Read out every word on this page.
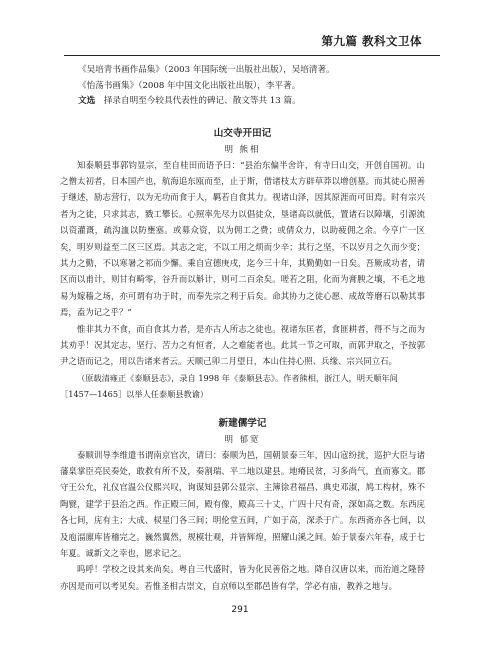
第九篇 教科文卫体

《吴培青书画作品集》（2003 年国际统一出版社出版），吴培清著。

《怡荡书画集》（2008 年中国文化出版社出版），李平著。

文选　 择录自明至今较具代表性的碑记、散文等共 13 篇。

山交寺开田记

明 熊相

知泰顺县事郭钧显宗，至自桂田而语予曰：“县治东偏半舍许，有寺曰山交，开创自国初。山之僧太初者，日本国产也，航海追东瓯而至，止于斯，借诸枝太方辟草莽以增创墓。而其徒心照善于继述，励志营行，以为无功而食于人，羁若自食其力。视诸山泽，因其原涯而可田焉。时有宗兴者为之徒，只求其志，戮工攀长。心照率先尽力以倡徒众，垦诸高以就低，置诸石以障壤，引源流以资灌溉，疏沟洫以防壅塞。或募众资，以为佣工之费；或倩众力，以助疲佣之余。今亨广一区矣，明岁则益至二区三区焉。其志之定，不以工用之烦而少辛；其行之坚，不以岁月之久而少变；其力之勤，不以寒暑之祁而少懈。乘自宣德庚戌，迄今三十年，其勤勤如一日矣。吾厥成功者，请区而以甫计，则甘有畸零，谷升而以斛计，则可二百余矣。嗟若之阻，化而为膏腴之壤，不毛之地易为嫁穑之场，亦可谓有功于时，而奉先宗之利于后矣。命其协力之徒心愿、成故等磨石以勒其事焉，盍为记之乎？”

惟非其力不食，而自食其力者，是亦古人所志之徒也。视诸东匡者，食匪耕者，得不与之而为其劝乎！况其定志、坚行、苦力之有恒者，人之难能者也。此其一节之可取，而郭尹取之，予按郭尹之语而记之，用以告诸来者云。天顺己卯二月望日，本山住持心照、兵缘、宗兴同立石。

（原载清雍正《泰顺县志》，录自 1998 年《泰顺县志》。作者熊相，浙江人，明天顺年间［1457—1465］以举人任泰顺县教谕）

新建儒学记

明 郁宽

泰顺训导李维遣书谓南京官次，请曰：泰顺为邑，国朝景泰三年，因山寇纷扰，巡护大臣与诸藩臬掌臣亮民奏处，敢救有所不及，奏割瑞、平二地以建县。地瘠民贫，习多尚气，直而寡文。郡守王公允，礼仪官温公仪熙兴叹，询谋知县郭公显宗、主簿徐君福昌、典史邓淑，鸠工构材，殊不陶甓，建学于县治之西。作正殿三间，殿有像，殿高三十丈，广四十尺有奇，深如高之数。东西庑各七间，庑有主；大成、棂星门各三间；明伦堂五间，广如于高，深杀于广。东西斋亦各七间，以及庖湢廪库皆稽完之。巍然翼然，规模壮观，并皆辉煌，照耀山溪之间。始于景泰六年春，成于七年夏。诚新文之幸也，愿求记之。

呜呼！学校之设其来尚矣。粤自三代盛时，皆为化民善俗之地。降自汉唐以来，而治道之隆替亦因是而可以考见矣。若惟圣相古崇文，自京师以至郡邑皆有学，学必有庙，教养之地与。

291
